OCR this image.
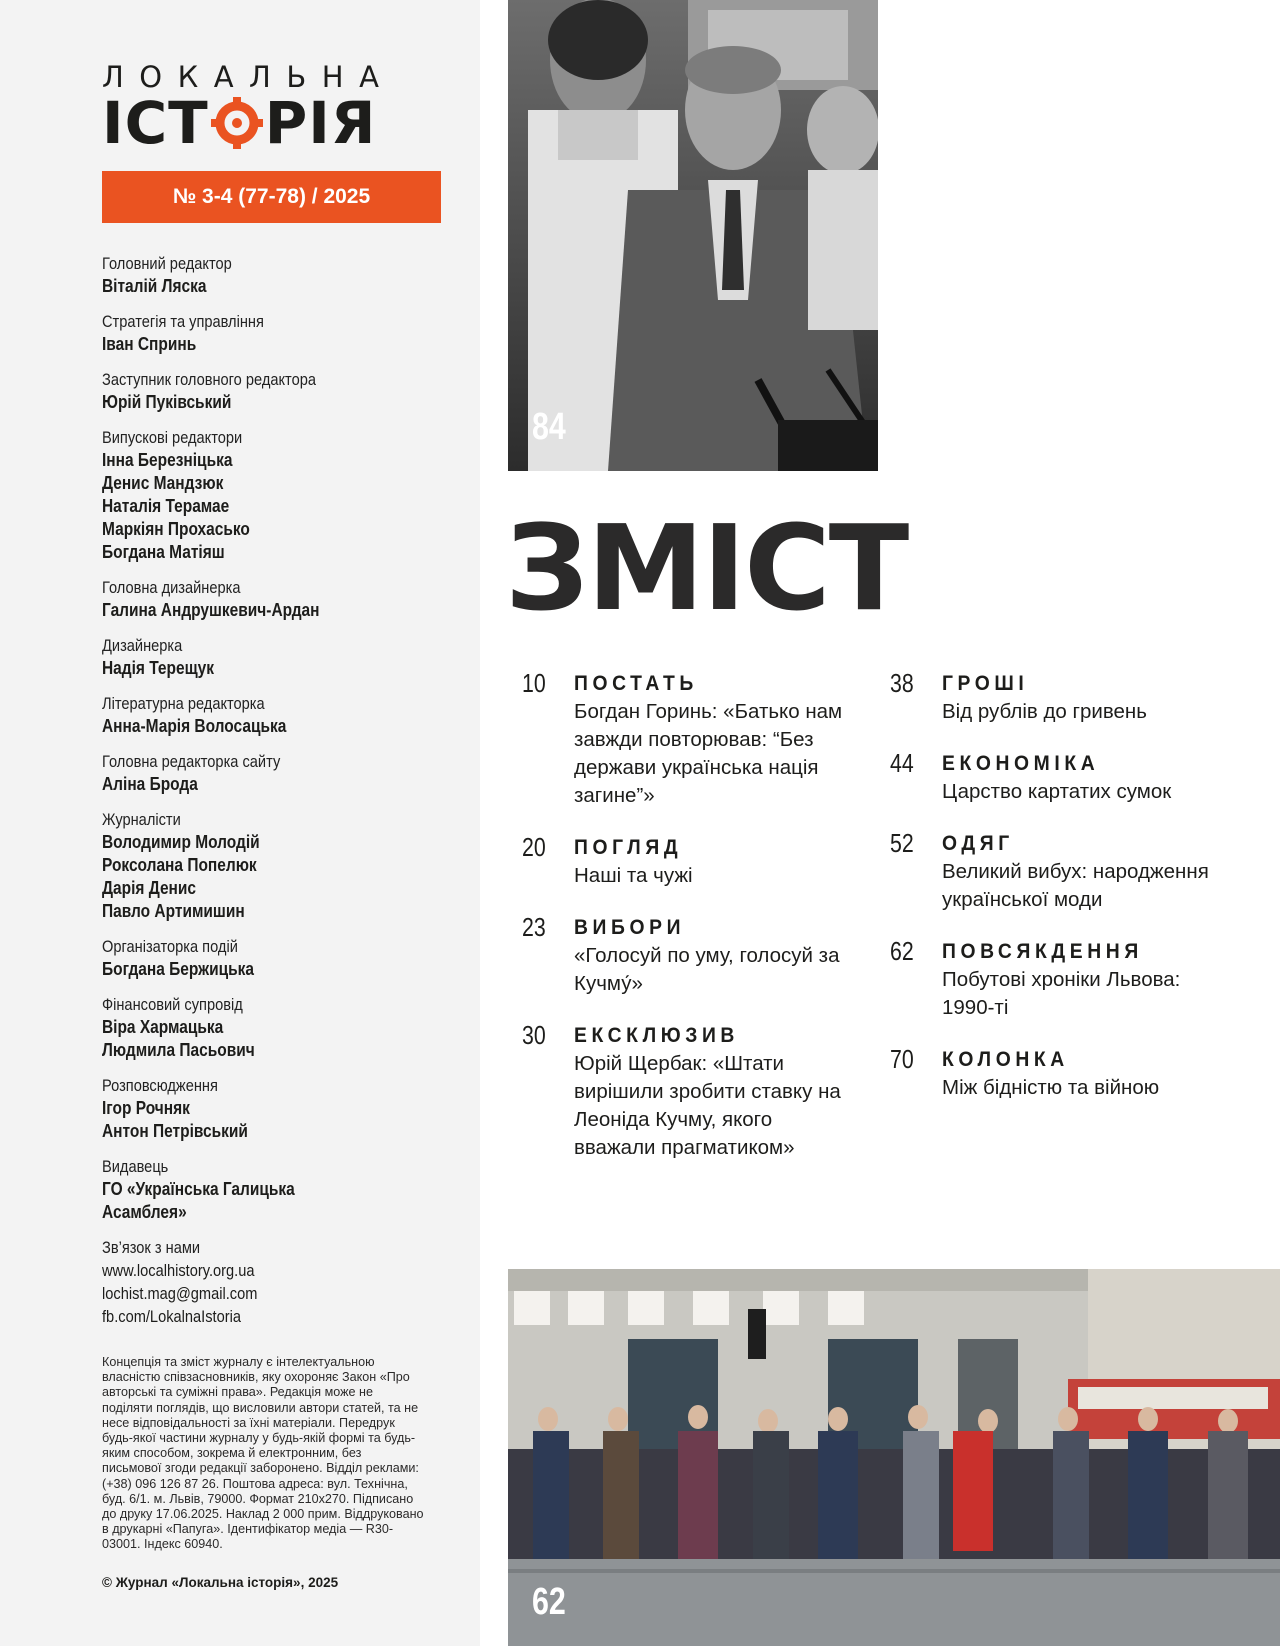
ЛОКАЛЬНА
ІСТ РІЯ
№ 3-4 (77-78) / 2025
Головний редактор
Віталій Ляска
Стратегія та управління
Іван Спринь
Заступник головного редактора
Юрій Пуківський
Випускові редактори
Інна Березніцька
Денис Мандзюк
Наталія Терамае
Маркіян Прохасько
Богдана Матіяш
Головна дизайнерка
Галина Андрушкевич-Ардан
Дизайнерка
Надія Терещук
Літературна редакторка
Анна-Марія Волосацька
Головна редакторка сайту
Аліна Брода
Журналісти
Володимир Молодій
Роксолана Попелюк
Дарія Денис
Павло Артимишин
Організаторка подій
Богдана Бержицька
Фінансовий супровід
Віра Хармацька
Людмила Пасьович
Розповсюдження
Ігор Рочняк
Антон Петрівський
Видавець
ГО «Українська Галицька
Асамблея»
Зв’язок з нами
www.localhistory.org.ua
lochist.mag@gmail.com
fb.com/LokalnaIstoria
Концепція та зміст журналу є інтелектуальною власністю співзасновників, яку охороняє Закон «Про авторські та суміжні права». Редакція може не поділяти поглядів, що висловили автори статей, та не несе відповідальності за їхні матеріали. Передрук будь-якої частини журналу у будь-якій формі та будь-яким способом, зокрема й електронним, без письмової згоди редакції заборонено. Відділ реклами: (+38) 096 126 87 26. Поштова адреса: вул. Технічна, буд. 6/1. м. Львів, 79000. Формат 210х270. Підписано до друку 17.06.2025. Наклад 2 000 прим. Віддруковано в друкарні «Папуга». Ідентифікатор медіа — R30-03001. Індекс 60940.
© Журнал «Локальна історія», 2025
84
ЗМІСТ
10 ПОСТАТЬ
Богдан Горинь: «Батько нам завжди повторював: “Без держави українська нація загине”»
20 ПОГЛЯД
Наші та чужі
23 ВИБОРИ
«Голосуй по уму, голосуй за Кучму́»
30 ЕКСКЛЮЗИВ
Юрій Щербак: «Штати вирішили зробити ставку на Леоніда Кучму, якого вважали прагматиком»
38 ГРОШІ
Від рублів до гривень
44 ЕКОНОМІКА
Царство картатих сумок
52 ОДЯГ
Великий вибух: народження української моди
62 ПОВСЯКДЕННЯ
Побутові хроніки Львова: 1990-ті
70 КОЛОНКА
Між бідністю та війною
62
